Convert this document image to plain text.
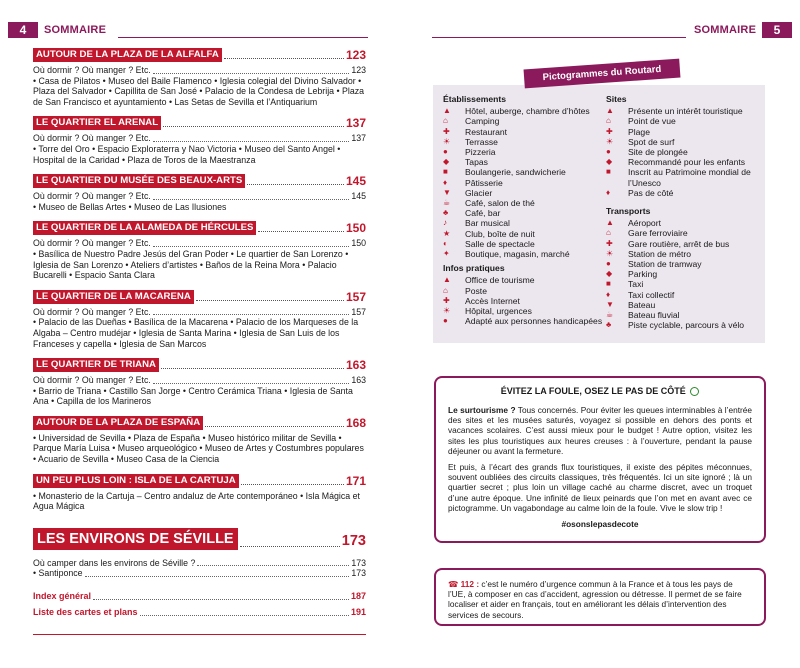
4	SOMMAIRE	SOMMAIRE	5
AUTOUR DE LA PLAZA DE LA ALFALFA	123
Où dormir ? Où manger ? Etc.	123
• Casa de Pilatos • Museo del Baile Flamenco • Iglesia colegial del Divino Salvador • Plaza del Salvador • Capillita de San José • Palacio de la Condesa de Lebrija • Plaza de San Francisco et ayuntamiento • Las Setas de Sevilla et l’Antiquarium
LE QUARTIER EL ARENAL	137
Où dormir ? Où manger ? Etc.	137
• Torre del Oro • Espacio Exploraterra y Nao Victoria • Museo del Santo Angel • Hospital de la Caridad • Plaza de Toros de la Maestranza
LE QUARTIER DU MUSÉE DES BEAUX-ARTS	145
Où dormir ? Où manger ? Etc.	145
• Museo de Bellas Artes • Museo de Las Ilusiones
LE QUARTIER DE LA ALAMEDA DE HÉRCULES	150
Où dormir ? Où manger ? Etc.	150
• Basílica de Nuestro Padre Jesús del Gran Poder • Le quartier de San Lorenzo • Iglesia de San Lorenzo • Ateliers d’artistes • Baños de la Reina Mora • Palacio Bucarelli • Espacio Santa Clara
LE QUARTIER DE LA MACARENA	157
Où dormir ? Où manger ? Etc.	157
• Palacio de las Dueñas • Basílica de la Macarena • Palacio de los Marqueses de la Algaba – Centro mudéjar • Iglesia de Santa Marina • Iglesia de San Luis de los Franceses y capella • Iglesia de San Marcos
LE QUARTIER DE TRIANA	163
Où dormir ? Où manger ? Etc.	163
• Barrio de Triana • Castillo San Jorge • Centro Cerámica Triana • Iglesia de Santa Ana • Capilla de los Marineros
AUTOUR DE LA PLAZA DE ESPAÑA	168
• Universidad de Sevilla • Plaza de España • Museo histórico militar de Sevilla • Parque María Luisa • Museo arqueológico • Museo de Artes y Costumbres populares • Acuario de Sevilla • Museo Casa de la Ciencia
UN PEU PLUS LOIN : ISLA DE LA CARTUJA	171
• Monasterio de la Cartuja – Centro andaluz de Arte contemporáneo • Isla Mágica et Agua Mágica
LES ENVIRONS DE SÉVILLE	173
Où camper dans les environs de Séville ?	173
• Santiponce	173
Index général	187
Liste des cartes et plans	191
Pictogrammes du Routard
Établissements
▲	Hôtel, auberge, chambre d’hôtes
⌂	Camping
✚	Restaurant
☀	Terrasse
●	Pizzeria
◆	Tapas
■	Boulangerie, sandwicherie
♦	Pâtisserie
▼	Glacier
☕	Café, salon de thé
♣	Café, bar
♪	Bar musical
★	Club, boîte de nuit
◐	Salle de spectacle
✦	Boutique, magasin, marché
Infos pratiques
▲	Office de tourisme
⌂	Poste
✚	Accès Internet
☀	Hôpital, urgences
●	Adapté aux personnes handicapées
Sites
▲	Présente un intérêt touristique
⌂	Point de vue
✚	Plage
☀	Spot de surf
●	Site de plongée
◆	Recommandé pour les enfants
■	Inscrit au Patrimoine mondial de l’Unesco
♦	Pas de côté
Transports
▲	Aéroport
⌂	Gare ferroviaire
✚	Gare routière, arrêt de bus
☀	Station de métro
●	Station de tramway
◆	Parking
■	Taxi
♦	Taxi collectif
▼	Bateau
☕	Bateau fluvial
♣	Piste cyclable, parcours à vélo
ÉVITEZ LA FOULE, OSEZ LE PAS DE CÔTÉ

Le surtourisme ? Tous concernés. Pour éviter les queues interminables à l’entrée des sites et les musées saturés, voyagez si possible en dehors des ponts et vacances scolaires. C’est aussi mieux pour le budget ! Autre option, visitez les sites les plus touristiques aux heures creuses : à l’ouverture, pendant la pause déjeuner ou avant la fermeture.

Et puis, à l’écart des grands flux touristiques, il existe des pépites méconnues, souvent oubliées des circuits classiques, très fréquentés. Ici un site ignoré ; là un quartier secret ; plus loin un village caché au charme discret, avec un troquet d’une autre époque. Une infinité de lieux peinards que l’on met en avant avec ce pictogramme. Un vagabondage au calme loin de la foule. Vive le slow trip !

#osonslepasdecote
☎ 112 : c’est le numéro d’urgence commun à la France et à tous les pays de l’UE, à composer en cas d’accident, agression ou détresse. Il permet de se faire localiser et aider en français, tout en améliorant les délais d’intervention des services de secours.
